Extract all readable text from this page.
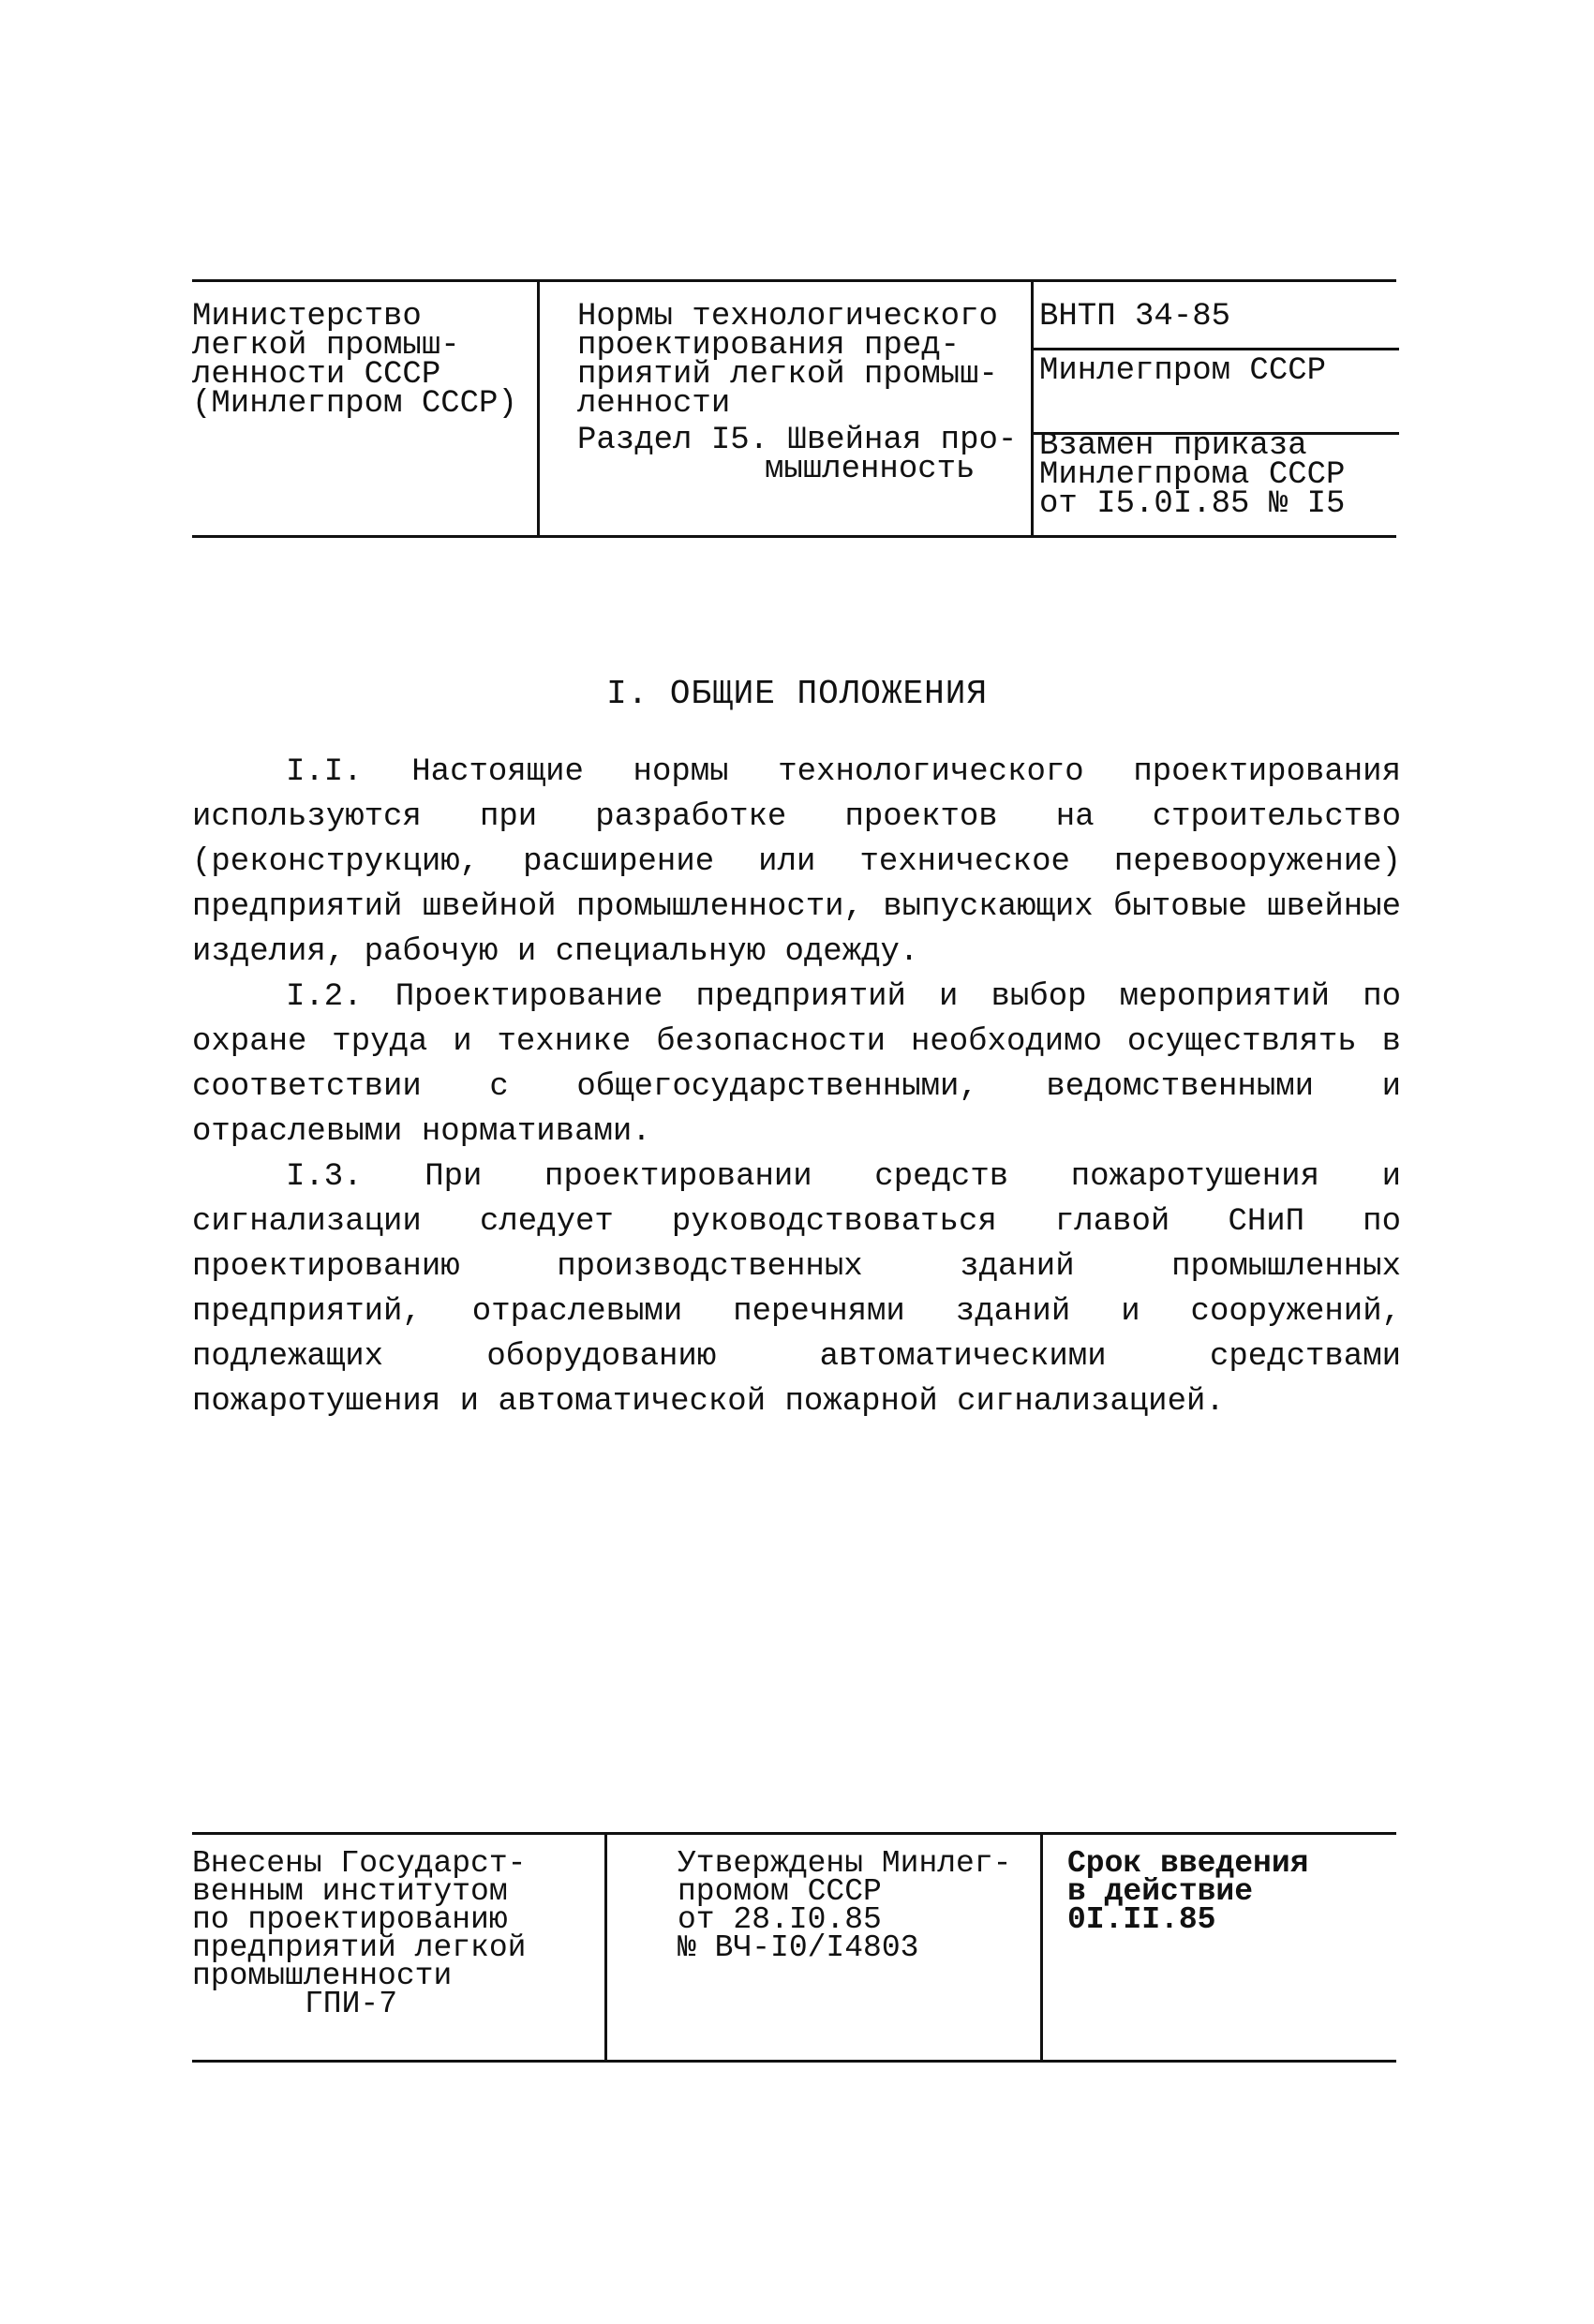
Министерство
легкой промыш-
ленности СССР
(Минлегпром СССР)
Нормы технологического
проектирования пред-
приятий легкой промыш-
ленности
Раздел I5. Швейная про-
мышленность
ВНТП 34-85
Минлегпром СССР
Взамен приказа
Минлегпрома СССР
от I5.0I.85 № I5
I. ОБЩИЕ ПОЛОЖЕНИЯ

I.I. Настоящие нормы технологического проектирования используются при разработке проектов на строительство (реконструкцию, расширение или техническое перевооружение) предприятий швейной промышленности, выпускающих бытовые швейные изделия, рабочую и специальную одежду.

I.2. Проектирование предприятий и выбор мероприятий по охране труда и технике безопасности необходимо осуществлять в соответствии с общегосударственными, ведомственными и отраслевыми нормативами.

I.3. При проектировании средств пожаротушения и сигнализации следует руководствоваться главой СНиП по проектированию производственных зданий промышленных предприятий, отраслевыми перечнями зданий и сооружений, подлежащих оборудованию автоматическими средствами пожаротушения и автоматической пожарной сигнализацией.

Внесены Государст-
венным институтом
по проектированию
предприятий легкой
промышленности
ГПИ-7
Утверждены Минлег-
промом СССР
от 28.I0.85
№ ВЧ-I0/I4803
Срок введения
в действие
0I.II.85
